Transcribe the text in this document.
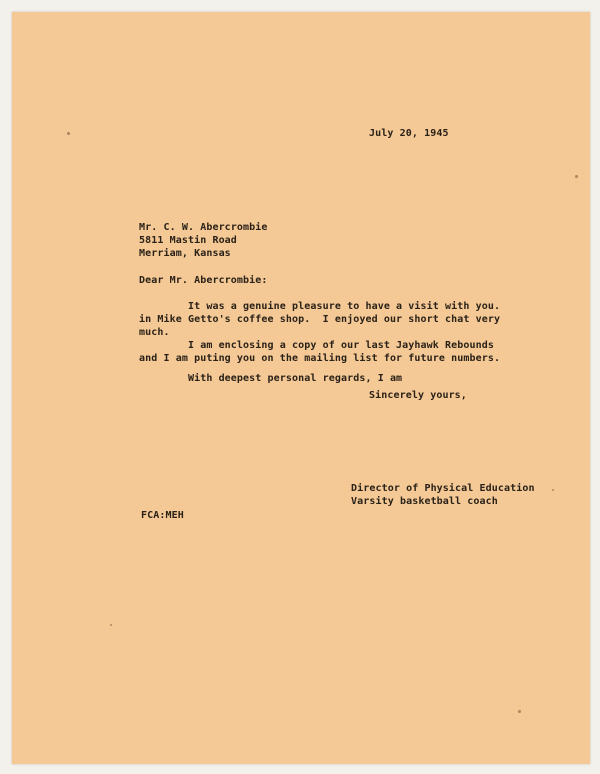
July 20, 1945
Mr. C. W. Abercrombie
5811 Mastin Road
Merriam, Kansas
Dear Mr. Abercrombie:
It was a genuine pleasure to have a visit with you.
in Mike Getto's coffee shop.  I enjoyed our short chat very
much.
I am enclosing a copy of our last Jayhawk Rebounds
and I am puting you on the mailing list for future numbers.
With deepest personal regards, I am
Sincerely yours,
Director of Physical Education
Varsity basketball coach
FCA:MEH
